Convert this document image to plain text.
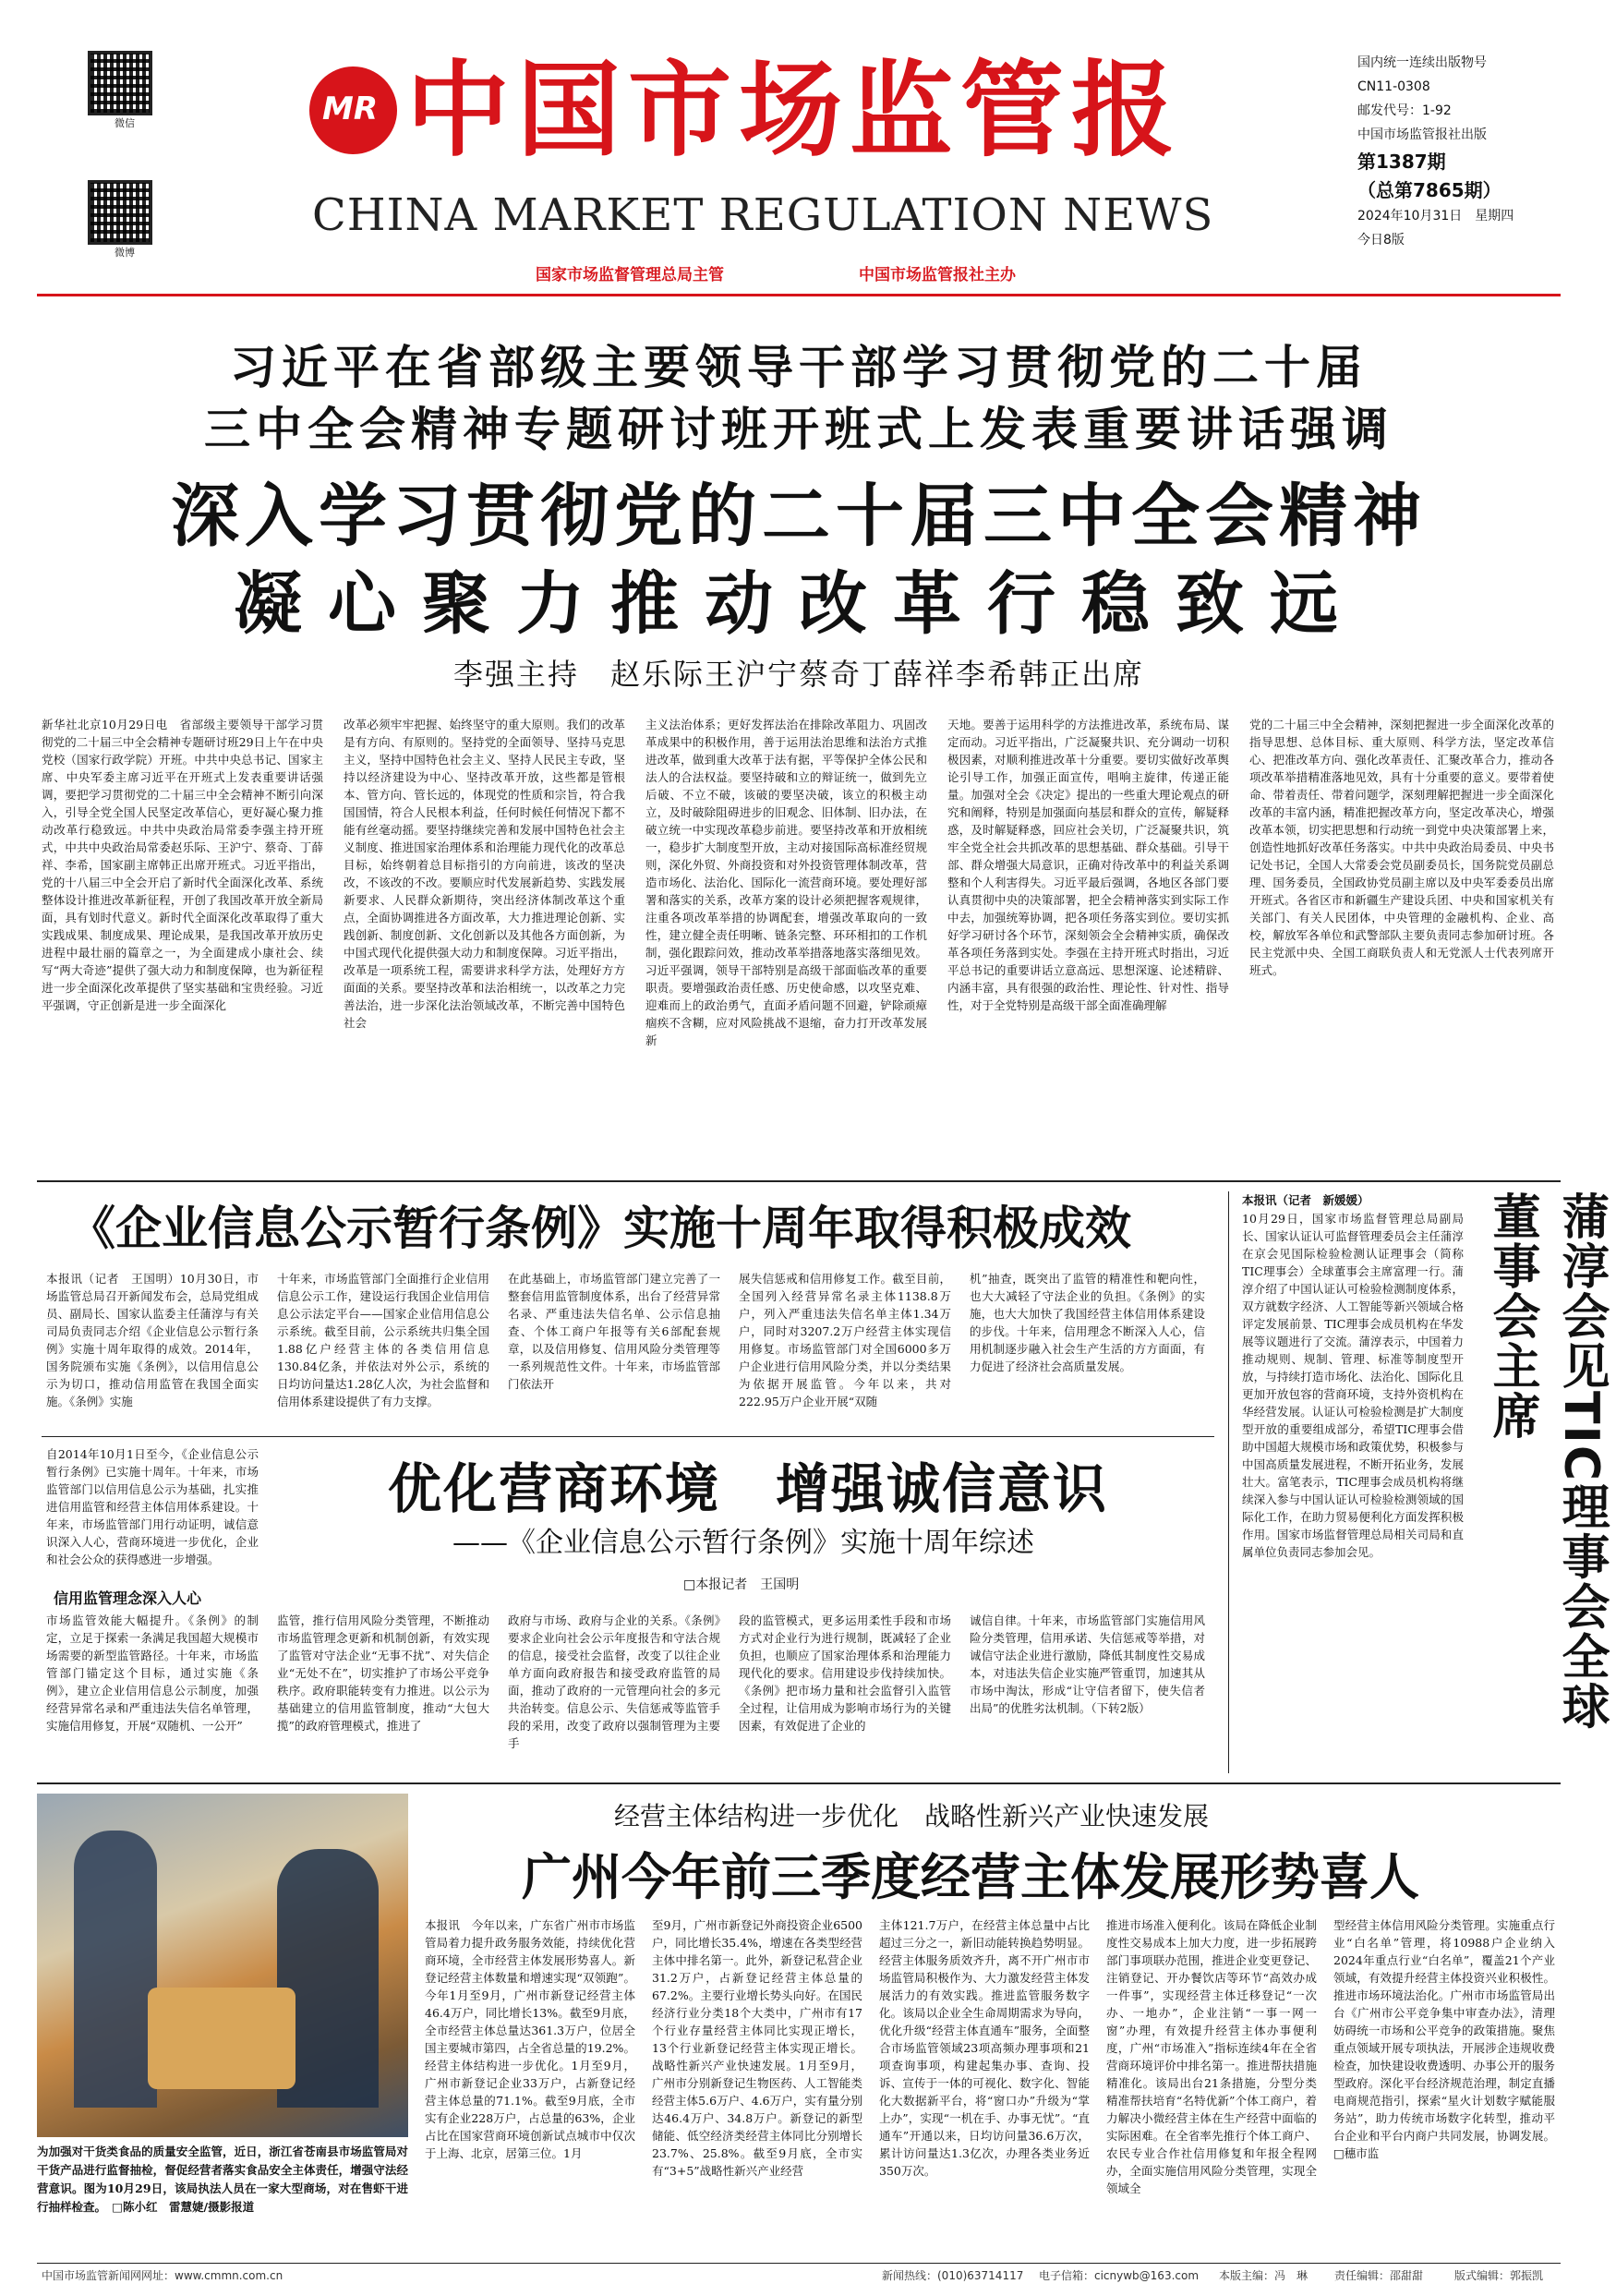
微信
微博
MR
中国市场监管报
CHINA MARKET REGULATION NEWS
国家市场监督管理总局主管	中国市场监管报社主办
国内统一连续出版物号
CN11-0308
邮发代号：1-92
中国市场监管报社出版
第1387期
（总第7865期）
2024年10月31日　星期四
今日8版
习近平在省部级主要领导干部学习贯彻党的二十届
三中全会精神专题研讨班开班式上发表重要讲话强调
深入学习贯彻党的二十届三中全会精神
凝心聚力推动改革行稳致远
李强主持　赵乐际王沪宁蔡奇丁薛祥李希韩正出席
新华社北京10月29日电　省部级主要领导干部学习贯彻党的二十届三中全会精神专题研讨班29日上午在中央党校（国家行政学院）开班。中共中央总书记、国家主席、中央军委主席习近平在开班式上发表重要讲话强调，要把学习贯彻党的二十届三中全会精神不断引向深入，引导全党全国人民坚定改革信心，更好凝心聚力推动改革行稳致远。中共中央政治局常委李强主持开班式，中共中央政治局常委赵乐际、王沪宁、蔡奇、丁薛祥、李希，国家副主席韩正出席开班式。习近平指出，党的十八届三中全会开启了新时代全面深化改革、系统整体设计推进改革新征程，开创了我国改革开放全新局面，具有划时代意义。新时代全面深化改革取得了重大实践成果、制度成果、理论成果，是我国改革开放历史进程中最壮丽的篇章之一，为全面建成小康社会、续写“两大奇迹”提供了强大动力和制度保障，也为新征程进一步全面深化改革提供了坚实基础和宝贵经验。习近平强调，守正创新是进一步全面深化
改革必须牢牢把握、始终坚守的重大原则。我们的改革是有方向、有原则的。坚持党的全面领导、坚持马克思主义，坚持中国特色社会主义、坚持人民民主专政，坚持以经济建设为中心、坚持改革开放，这些都是管根本、管方向、管长远的，体现党的性质和宗旨，符合我国国情，符合人民根本利益，任何时候任何情况下都不能有丝毫动摇。要坚持继续完善和发展中国特色社会主义制度、推进国家治理体系和治理能力现代化的改革总目标，始终朝着总目标指引的方向前进，该改的坚决改，不该改的不改。要顺应时代发展新趋势、实践发展新要求、人民群众新期待，突出经济体制改革这个重点，全面协调推进各方面改革，大力推进理论创新、实践创新、制度创新、文化创新以及其他各方面创新，为中国式现代化提供强大动力和制度保障。习近平指出，改革是一项系统工程，需要讲求科学方法，处理好方方面面的关系。要坚持改革和法治相统一，以改革之力完善法治，进一步深化法治领域改革，不断完善中国特色社会
主义法治体系；更好发挥法治在排除改革阻力、巩固改革成果中的积极作用，善于运用法治思维和法治方式推进改革，做到重大改革于法有据，平等保护全体公民和法人的合法权益。要坚持破和立的辩证统一，做到先立后破、不立不破，该破的要坚决破，该立的积极主动立，及时破除阻碍进步的旧观念、旧体制、旧办法，在破立统一中实现改革稳步前进。要坚持改革和开放相统一，稳步扩大制度型开放，主动对接国际高标准经贸规则，深化外贸、外商投资和对外投资管理体制改革，营造市场化、法治化、国际化一流营商环境。要处理好部署和落实的关系，改革方案的设计必须把握客观规律，注重各项改革举措的协调配套，增强改革取向的一致性，建立健全责任明晰、链条完整、环环相扣的工作机制，强化跟踪问效，推动改革举措落地落实落细见效。习近平强调，领导干部特别是高级干部面临改革的重要职责。要增强政治责任感、历史使命感，以攻坚克难、迎难而上的政治勇气，直面矛盾问题不回避，铲除顽瘴痼疾不含糊，应对风险挑战不退缩，奋力打开改革发展新
天地。要善于运用科学的方法推进改革，系统布局、谋定而动。习近平指出，广泛凝聚共识、充分调动一切积极因素，对顺利推进改革十分重要。要切实做好改革舆论引导工作，加强正面宣传，唱响主旋律，传递正能量。加强对全会《决定》提出的一些重大理论观点的研究和阐释，特别是加强面向基层和群众的宣传，解疑释惑，及时解疑释惑，回应社会关切，广泛凝聚共识，筑牢全党全社会共抓改革的思想基础、群众基础。引导干部、群众增强大局意识，正确对待改革中的利益关系调整和个人利害得失。习近平最后强调，各地区各部门要认真贯彻中央的决策部署，把全会精神落实到实际工作中去，加强统筹协调，把各项任务落实到位。要切实抓好学习研讨各个环节，深刻领会全会精神实质，确保改革各项任务落到实处。李强在主持开班式时指出，习近平总书记的重要讲话立意高远、思想深邃、论述精辟、内涵丰富，具有很强的政治性、理论性、针对性、指导性，对于全党特别是高级干部全面准确理解
党的二十届三中全会精神，深刻把握进一步全面深化改革的指导思想、总体目标、重大原则、科学方法，坚定改革信心、把准改革方向、强化改革责任、汇聚改革合力，推动各项改革举措精准落地见效，具有十分重要的意义。要带着使命、带着责任、带着问题学，深刻理解把握进一步全面深化改革的丰富内涵，精准把握改革方向，坚定改革决心，增强改革本领，切实把思想和行动统一到党中央决策部署上来，创造性地抓好改革任务落实。中共中央政治局委员、中央书记处书记，全国人大常委会党员副委员长，国务院党员副总理、国务委员，全国政协党员副主席以及中央军委委员出席开班式。各省区市和新疆生产建设兵团、中央和国家机关有关部门、有关人民团体，中央管理的金融机构、企业、高校，解放军各单位和武警部队主要负责同志参加研讨班。各民主党派中央、全国工商联负责人和无党派人士代表列席开班式。
《企业信息公示暂行条例》实施十周年取得积极成效
本报讯（记者　王国明）10月30日，市场监管总局召开新闻发布会，总局党组成员、副局长、国家认监委主任蒲淳与有关司局负责同志介绍《企业信息公示暂行条例》实施十周年取得的成效。2014年，国务院颁布实施《条例》，以信用信息公示为切口，推动信用监管在我国全面实施。《条例》实施
十年来，市场监管部门全面推行企业信用信息公示工作，建设运行我国企业信用信息公示法定平台——国家企业信用信息公示系统。截至目前，公示系统共归集全国1.88亿户经营主体的各类信用信息130.84亿条，并依法对外公示，系统的日均访问量达1.28亿人次，为社会监督和信用体系建设提供了有力支撑。
在此基础上，市场监管部门建立完善了一整套信用监管制度体系，出台了经营异常名录、严重违法失信名单、公示信息抽查、个体工商户年报等有关6部配套规章，以及信用修复、信用风险分类管理等一系列规范性文件。十年来，市场监管部门依法开
展失信惩戒和信用修复工作。截至目前，全国列入经营异常名录主体1138.8万户，列入严重违法失信名单主体1.34万户，同时对3207.2万户经营主体实现信用修复。市场监管部门对全国6000多万户企业进行信用风险分类，并以分类结果为依据开展监管。今年以来，共对222.95万户企业开展“双随
机”抽查，既突出了监管的精准性和靶向性，也大大减轻了守法企业的负担。《条例》的实施，也大大加快了我国经营主体信用体系建设的步伐。十年来，信用理念不断深入人心，信用机制逐步融入社会生产生活的方方面面，有力促进了经济社会高质量发展。
自2014年10月1日至今，《企业信息公示暂行条例》已实施十周年。十年来，市场监管部门以信用信息公示为基础，扎实推进信用监管和经营主体信用体系建设。十年来，市场监管部门用行动证明，诚信意识深入人心，营商环境进一步优化，企业和社会公众的获得感进一步增强。
信用监管理念深入人心
优化营商环境　增强诚信意识
——《企业信息公示暂行条例》实施十周年综述
□本报记者　王国明
市场监管效能大幅提升。《条例》的制定，立足于探索一条满足我国超大规模市场需要的新型监管路径。十年来，市场监管部门锚定这个目标，通过实施《条例》，建立企业信用信息公示制度，加强经营异常名录和严重违法失信名单管理，实施信用修复，开展“双随机、一公开”
监管，推行信用风险分类管理，不断推动市场监管理念更新和机制创新，有效实现了监管对守法企业“无事不扰”、对失信企业“无处不在”，切实推护了市场公平竞争秩序。政府职能转变有力推进。以公示为基础建立的信用监管制度，推动“大包大揽”的政府管理模式，推进了
政府与市场、政府与企业的关系。《条例》要求企业向社会公示年度报告和守法合规的信息，接受社会监督，改变了以往企业单方面向政府报告和接受政府监管的局面，推动了政府的一元管理向社会的多元共治转变。信息公示、失信惩戒等监管手段的采用，改变了政府以强制管理为主要手
段的监管模式，更多运用柔性手段和市场方式对企业行为进行规制，既减轻了企业负担，也顺应了国家治理体系和治理能力现代化的要求。信用建设步伐持续加快。《条例》把市场力量和社会监督引入监管全过程，让信用成为影响市场行为的关键因素，有效促进了企业的
诚信自律。十年来，市场监管部门实施信用风险分类管理，信用承诺、失信惩戒等举措，对诚信守法企业进行激励，降低其制度性交易成本，对违法失信企业实施严管重罚，加速其从市场中淘汰，形成“让守信者留下，使失信者出局”的优胜劣汰机制。（下转2版）
本报讯（记者　新媛媛）
10月29日，国家市场监督管理总局副局长、国家认证认可监督管理委员会主任蒲淳在京会见国际检验检测认证理事会（简称TIC理事会）全球董事会主席富理一行。蒲淳介绍了中国认证认可检验检测制度体系，双方就数字经济、人工智能等新兴领域合格评定发展前景、TIC理事会成员机构在华发展等议题进行了交流。蒲淳表示，中国着力推动规则、规制、管理、标准等制度型开放，与持续打造市场化、法治化、国际化且更加开放包容的营商环境，支持外资机构在华经营发展。认证认可检验检测是扩大制度型开放的重要组成部分，希望TIC理事会借助中国超大规模市场和政策优势，积极参与中国高质量发展进程，不断开拓业务，发展壮大。富笔表示，TIC理事会成员机构将继续深入参与中国认证认可检验检测领域的国际化工作，在助力贸易便利化方面发挥积极作用。国家市场监督管理总局相关司局和直属单位负责同志参加会见。	蒲淳会见TIC理事会全球董事会主席
为加强对干货类食品的质量安全监管，近日，浙江省苍南县市场监管局对干货产品进行监督抽检，督促经营者落实食品安全主体责任，增强守法经营意识。图为10月29日，该局执法人员在一家大型商场，对在售虾干进行抽样检查。　□陈小红　雷慧婕/摄影报道
经营主体结构进一步优化　战略性新兴产业快速发展
广州今年前三季度经营主体发展形势喜人
本报讯　今年以来，广东省广州市市场监管局着力提升政务服务效能，持续优化营商环境，全市经营主体发展形势喜人。新登记经营主体数量和增速实现“双领跑”。今年1月至9月，广州市新登记经营主体46.4万户，同比增长13%。截至9月底，全市经营主体总量达361.3万户，位居全国主要城市第四，占全省总量的19.2%。经营主体结构进一步优化。1月至9月，广州市新登记企业33万户，占新登记经营主体总量的71.1%。截至9月底，全市实有企业228万户，占总量的63%，企业占比在国家营商环境创新试点城市中仅次于上海、北京，居第三位。1月
至9月，广州市新登记外商投资企业6500户，同比增长35.4%，增速在各类型经营主体中排名第一。此外，新登记私营企业31.2万户，占新登记经营主体总量的67.2%。主要行业增长势头向好。在国民经济行业分类18个大类中，广州市有17个行业存量经营主体同比实现正增长，13个行业新登记经营主体实现正增长。战略性新兴产业快速发展。1月至9月，广州市分别新登记生物医药、人工智能类经营主体5.6万户、4.6万户，实有量分别达46.4万户、34.8万户。新登记的新型储能、低空经济类经营主体同比分别增长23.7%、25.8%。截至9月底，全市实有“3+5”战略性新兴产业经营
主体121.7万户，在经营主体总量中占比超过三分之一，新旧动能转换趋势明显。经营主体服务质效齐升，离不开广州市市场监管局积极作为、大力激发经营主体发展活力的有效实践。推进监管服务数字化。该局以企业全生命周期需求为导向，优化升级“经营主体直通车”服务，全面整合市场监管领域23项高频办理事项和21项查询事项，构建起集办事、查询、投诉、宣传于一体的可视化、数字化、智能化大数据新平台，将“窗口办”升级为“掌上办”，实现“一机在手、办事无忧”。“直通车”开通以来，日均访问量36.6万次，累计访问量达1.3亿次，办理各类业务近350万次。
推进市场准入便利化。该局在降低企业制度性交易成本上加大力度，进一步拓展跨部门事项联办范围，推进企业变更登记、注销登记、开办餐饮店等环节“高效办成一件事”，实现经营主体迁移登记“一次办、一地办”，企业注销“一事一网一窗”办理，有效提升经营主体办事便利度，广州“市场准入”指标连续4年在全省营商环境评价中排名第一。推进帮扶措施精准化。该局出台21条措施，分型分类精准帮扶培育“名特优新”个体工商户，着力解决小微经营主体在生产经营中面临的实际困难。在全省率先推行个体工商户、农民专业合作社信用修复和年报全程网办，全面实施信用风险分类管理，实现全领域全
型经营主体信用风险分类管理。实施重点行业“白名单”管理，将10988户企业纳入2024年重点行业“白名单”，覆盖21个产业领域，有效提升经营主体投资兴业积极性。推进市场环境法治化。广州市市场监管局出台《广州市公平竞争集中审查办法》，清理妨碍统一市场和公平竞争的政策措施。聚焦重点领域开展专项执法，开展涉企违规收费检查，加快建设收费透明、办事公开的服务型政府。深化平台经济规范治理，制定直播电商规范指引，探索“星火计划数字赋能服务站”，助力传统市场数字化转型，推动平台企业和平台内商户共同发展，协调发展。□穗市监
中国市场监管新闻网网址：www.cmmn.com.cn	新闻热线：(010)63714117 电子信箱：cicnywb@163.com 本版主编：冯　琳 责任编辑：邵甜甜	版式编辑：郭振凯
